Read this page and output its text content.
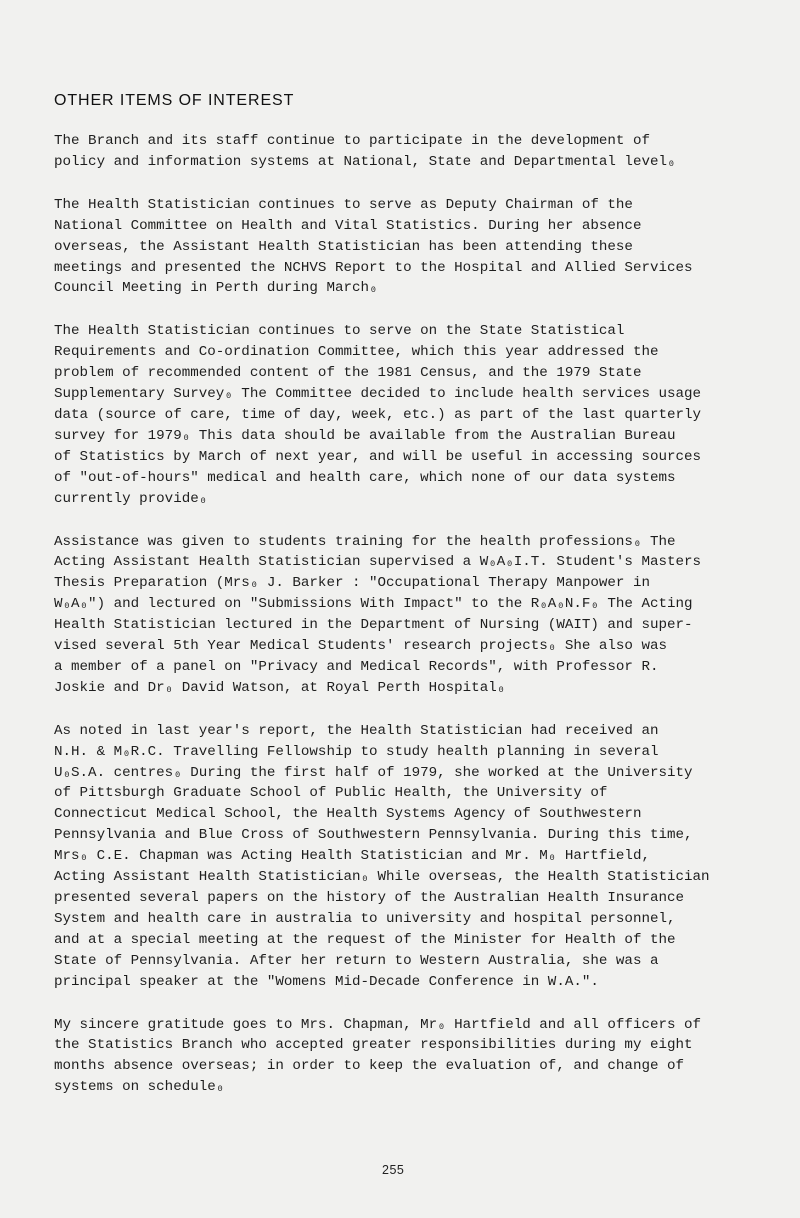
OTHER ITEMS OF INTEREST

The Branch and its staff continue to participate in the development of
policy and information systems at National, State and Departmental level₀

The Health Statistician continues to serve as Deputy Chairman of the
National Committee on Health and Vital Statistics. During her absence
overseas, the Assistant Health Statistician has been attending these
meetings and presented the NCHVS Report to the Hospital and Allied Services
Council Meeting in Perth during March₀

The Health Statistician continues to serve on the State Statistical
Requirements and Co-ordination Committee, which this year addressed the
problem of recommended content of the 1981 Census, and the 1979 State
Supplementary Survey₀ The Committee decided to include health services usage
data (source of care, time of day, week, etc.) as part of the last quarterly
survey for 1979₀ This data should be available from the Australian Bureau
of Statistics by March of next year, and will be useful in accessing sources
of "out-of-hours" medical and health care, which none of our data systems
currently provide₀

Assistance was given to students training for the health professions₀ The
Acting Assistant Health Statistician supervised a W₀A₀I.T. Student's Masters
Thesis Preparation (Mrs₀ J. Barker : "Occupational Therapy Manpower in
W₀A₀") and lectured on "Submissions With Impact" to the R₀A₀N.F₀ The Acting
Health Statistician lectured in the Department of Nursing (WAIT) and super-
vised several 5th Year Medical Students' research projects₀ She also was
a member of a panel on "Privacy and Medical Records", with Professor R.
Joskie and Dr₀ David Watson, at Royal Perth Hospital₀

As noted in last year's report, the Health Statistician had received an
N.H. & M₀R.C. Travelling Fellowship to study health planning in several
U₀S.A. centres₀ During the first half of 1979, she worked at the University
of Pittsburgh Graduate School of Public Health, the University of
Connecticut Medical School, the Health Systems Agency of Southwestern
Pennsylvania and Blue Cross of Southwestern Pennsylvania. During this time,
Mrs₀ C.E. Chapman was Acting Health Statistician and Mr. M₀ Hartfield,
Acting Assistant Health Statistician₀ While overseas, the Health Statistician
presented several papers on the history of the Australian Health Insurance
System and health care in australia to university and hospital personnel,
and at a special meeting at the request of the Minister for Health of the
State of Pennsylvania. After her return to Western Australia, she was a
principal speaker at the "Womens Mid-Decade Conference in W.A.".

My sincere gratitude goes to Mrs. Chapman, Mr₀ Hartfield and all officers of
the Statistics Branch who accepted greater responsibilities during my eight
months absence overseas; in order to keep the evaluation of, and change of
systems on schedule₀

255
